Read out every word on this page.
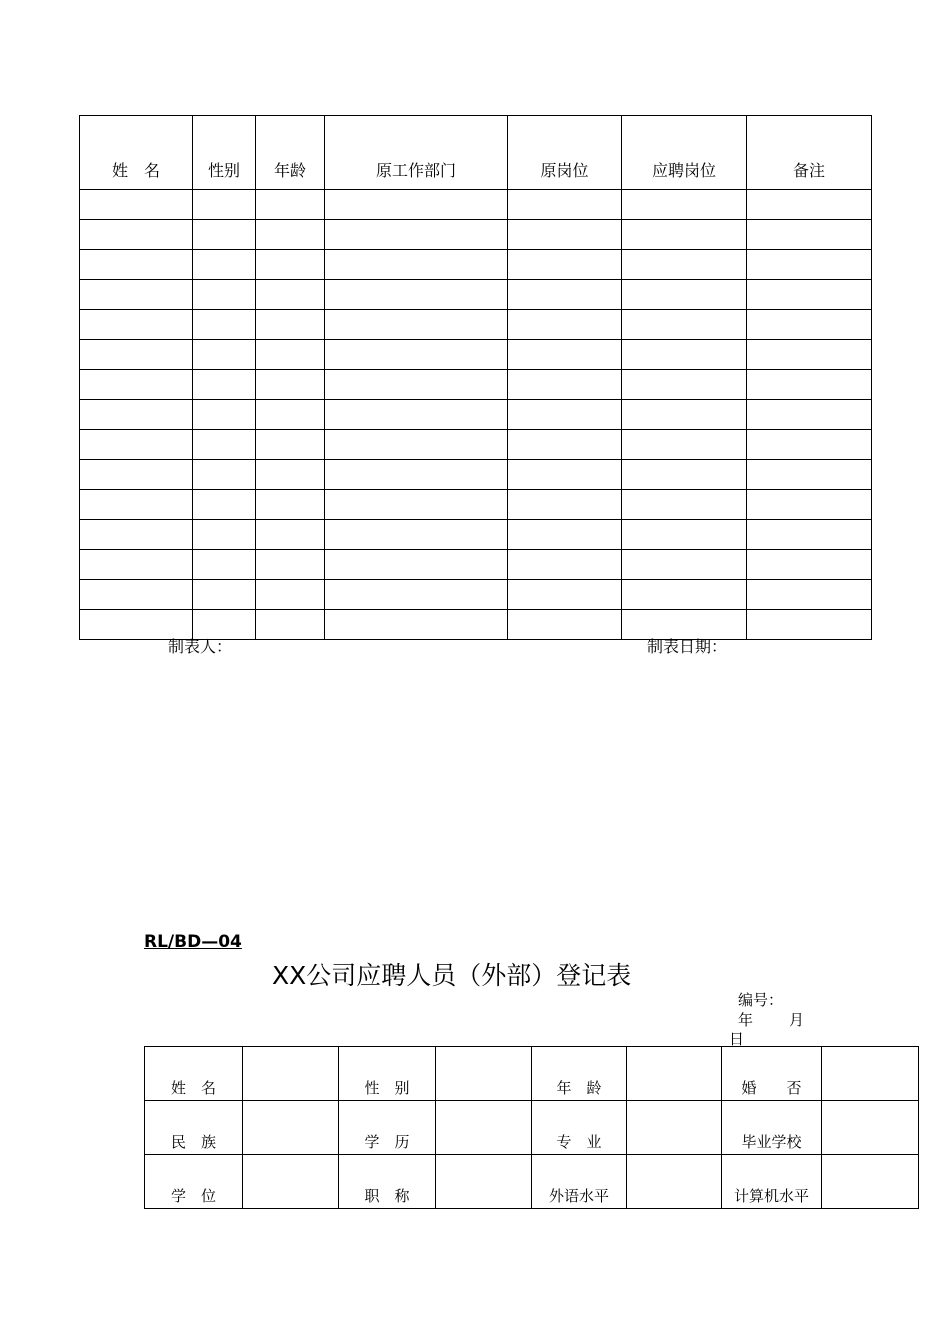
姓　名	性别	年龄	原工作部门	原岗位	应聘岗位	备注

制表人：	制表日期：
RL/BD—04
XX公司应聘人员（外部）登记表
编号：
年 月
日
姓　名		性　别		年　龄		婚　　否	
民　族		学　历		专　业		毕业学校	
学　位		职　称		外语水平		计算机水平	
